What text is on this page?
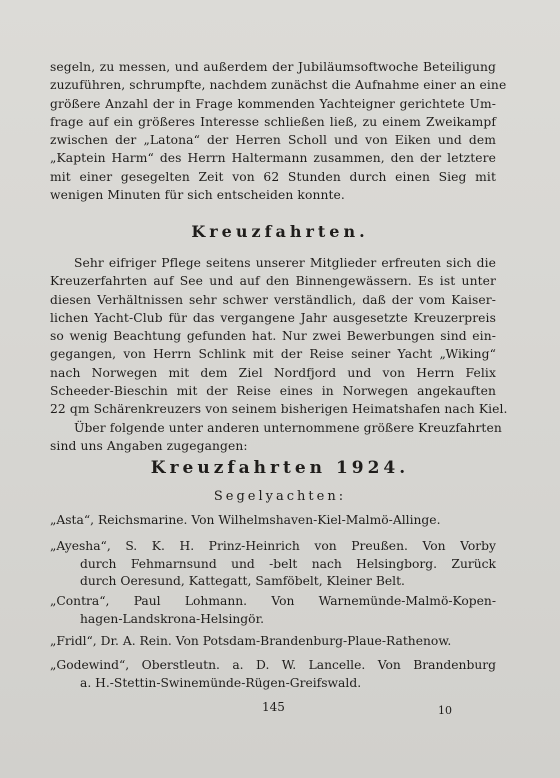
segeln, zu messen, und außerdem der Jubiläumsoftwoche Beteiligung
zuzuführen, schrumpfte, nachdem zunächst die Aufnahme einer an eine
größere Anzahl der in Frage kommenden Yachteigner gerichtete Um-
frage auf ein größeres Interesse schließen ließ, zu einem Zweikampf
zwischen der „Latona“ der Herren Scholl und von Eiken und dem
„Kaptein Harm“ des Herrn Haltermann zusammen, den der letztere
mit einer gesegelten Zeit von 62 Stunden durch einen Sieg mit
wenigen Minuten für sich entscheiden konnte.
Kreuzfahrten.
Sehr eifriger Pflege seitens unserer Mitglieder erfreuten sich die
Kreuzerfahrten auf See und auf den Binnengewässern. Es ist unter
diesen Verhältnissen sehr schwer verständlich, daß der vom Kaiser-
lichen Yacht-Club für das vergangene Jahr ausgesetzte Kreuzerpreis
so wenig Beachtung gefunden hat. Nur zwei Bewerbungen sind ein-
gegangen, von Herrn Schlink mit der Reise seiner Yacht „Wiking“
nach Norwegen mit dem Ziel Nordfjord und von Herrn Felix
Scheeder-Bieschin mit der Reise eines in Norwegen angekauften
22 qm Schärenkreuzers von seinem bisherigen Heimatshafen nach Kiel.
Über folgende unter anderen unternommene größere Kreuzfahrten
sind uns Angaben zugegangen:
Kreuzfahrten 1924.
Segelyachten:
„Asta“, Reichsmarine. Von Wilhelmshaven-Kiel-Malmö-Allinge.
„Ayesha“, S. K. H. Prinz-Heinrich von Preußen. Von Vorby
durch Fehmarnsund und -belt nach Helsingborg. Zurück
durch Oeresund, Kattegatt, Samföbelt, Kleiner Belt.
„Contra“, Paul Lohmann. Von Warnemünde-Malmö-Kopen-
hagen-Landskrona-Helsingör.
„Fridl“, Dr. A. Rein. Von Potsdam-Brandenburg-Plaue-Rathenow.
„Godewind“, Oberstleutn. a. D. W. Lancelle. Von Brandenburg
a. H.-Stettin-Swinemünde-Rügen-Greifswald.
145	10
